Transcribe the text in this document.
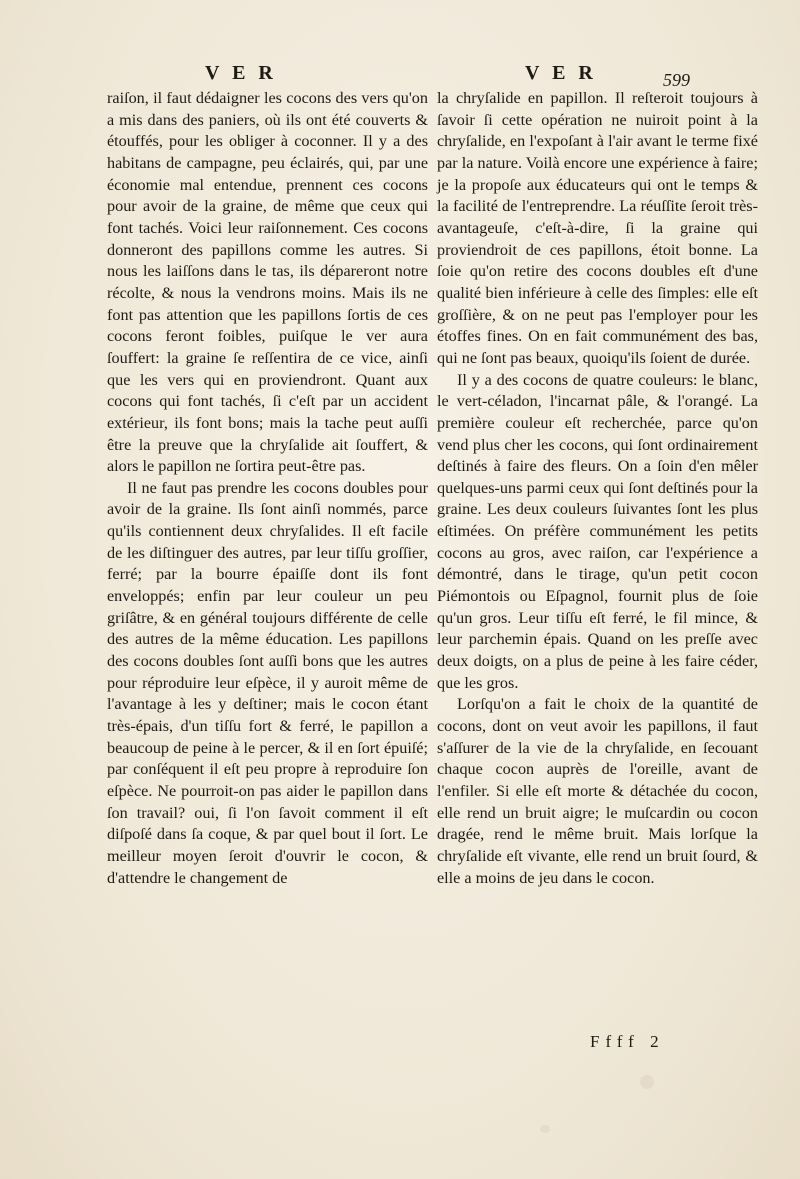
V E R	V E R	599

raiſon, il faut dédaigner les cocons des vers qu'on a mis dans des paniers, où ils ont été couverts & étouffés, pour les obliger à coconner. Il y a des habitans de campagne, peu éclairés, qui, par une économie mal entendue, prennent ces cocons pour avoir de la graine, de même que ceux qui font tachés. Voici leur raiſonnement. Ces cocons donneront des papillons comme les autres. Si nous les laiſſons dans le tas, ils dépareront notre récolte, & nous la vendrons moins. Mais ils ne font pas attention que les papillons ſortis de ces cocons feront foibles, puiſque le ver aura ſouffert: la graine ſe reſſentira de ce vice, ainſi que les vers qui en proviendront. Quant aux cocons qui font tachés, ſi c'eſt par un accident extérieur, ils font bons; mais la tache peut auſſi être la preuve que la chryſalide ait ſouffert, & alors le papillon ne ſortira peut-être pas.

Il ne faut pas prendre les cocons doubles pour avoir de la graine. Ils ſont ainſi nommés, parce qu'ils contiennent deux chryſalides. Il eſt facile de les diſtinguer des autres, par leur tiſſu groſſier, ferré; par la bourre épaiſſe dont ils font enveloppés; enfin par leur couleur un peu griſâtre, & en général toujours différente de celle des autres de la même éducation. Les papillons des cocons doubles ſont auſſi bons que les autres pour réproduire leur eſpèce, il y auroit même de l'avantage à les y deſtiner; mais le cocon étant très-épais, d'un tiſſu fort & ferré, le papillon a beaucoup de peine à le percer, & il en ſort épuiſé; par conſéquent il eſt peu propre à reproduire ſon eſpèce. Ne pourroit-on pas aider le papillon dans ſon travail? oui, ſi l'on ſavoit comment il eſt diſpoſé dans ſa coque, & par quel bout il ſort. Le meilleur moyen ſeroit d'ouvrir le cocon, & d'attendre le changement de

la chryſalide en papillon. Il reſteroit toujours à ſavoir ſi cette opération ne nuiroit point à la chryſalide, en l'expoſant à l'air avant le terme fixé par la nature. Voilà encore une expérience à faire; je la propoſe aux éducateurs qui ont le temps & la facilité de l'entreprendre. La réuſſite ſeroit très-avantageuſe, c'eſt-à-dire, ſi la graine qui proviendroit de ces papillons, étoit bonne. La ſoie qu'on retire des cocons doubles eſt d'une qualité bien inférieure à celle des ſimples: elle eſt groſſière, & on ne peut pas l'employer pour les étoffes fines. On en fait communément des bas, qui ne ſont pas beaux, quoiqu'ils ſoient de durée.

Il y a des cocons de quatre couleurs: le blanc, le vert-céladon, l'incarnat pâle, & l'orangé. La première couleur eſt recherchée, parce qu'on vend plus cher les cocons, qui ſont ordinairement deſtinés à faire des fleurs. On a ſoin d'en mêler quelques-uns parmi ceux qui ſont deſtinés pour la graine. Les deux couleurs ſuivantes ſont les plus eſtimées. On préfère communément les petits cocons au gros, avec raiſon, car l'expérience a démontré, dans le tirage, qu'un petit cocon Piémontois ou Eſpagnol, fournit plus de ſoie qu'un gros. Leur tiſſu eſt ferré, le fil mince, & leur parchemin épais. Quand on les preſſe avec deux doigts, on a plus de peine à les faire céder, que les gros.

Lorſqu'on a fait le choix de la quantité de cocons, dont on veut avoir les papillons, il faut s'aſſurer de la vie de la chryſalide, en ſecouant chaque cocon auprès de l'oreille, avant de l'enfiler. Si elle eſt morte & détachée du cocon, elle rend un bruit aigre; le muſcardin ou cocon dragée, rend le même bruit. Mais lorſque la chryſalide eſt vivante, elle rend un bruit ſourd, & elle a moins de jeu dans le cocon.

Ffff 2
